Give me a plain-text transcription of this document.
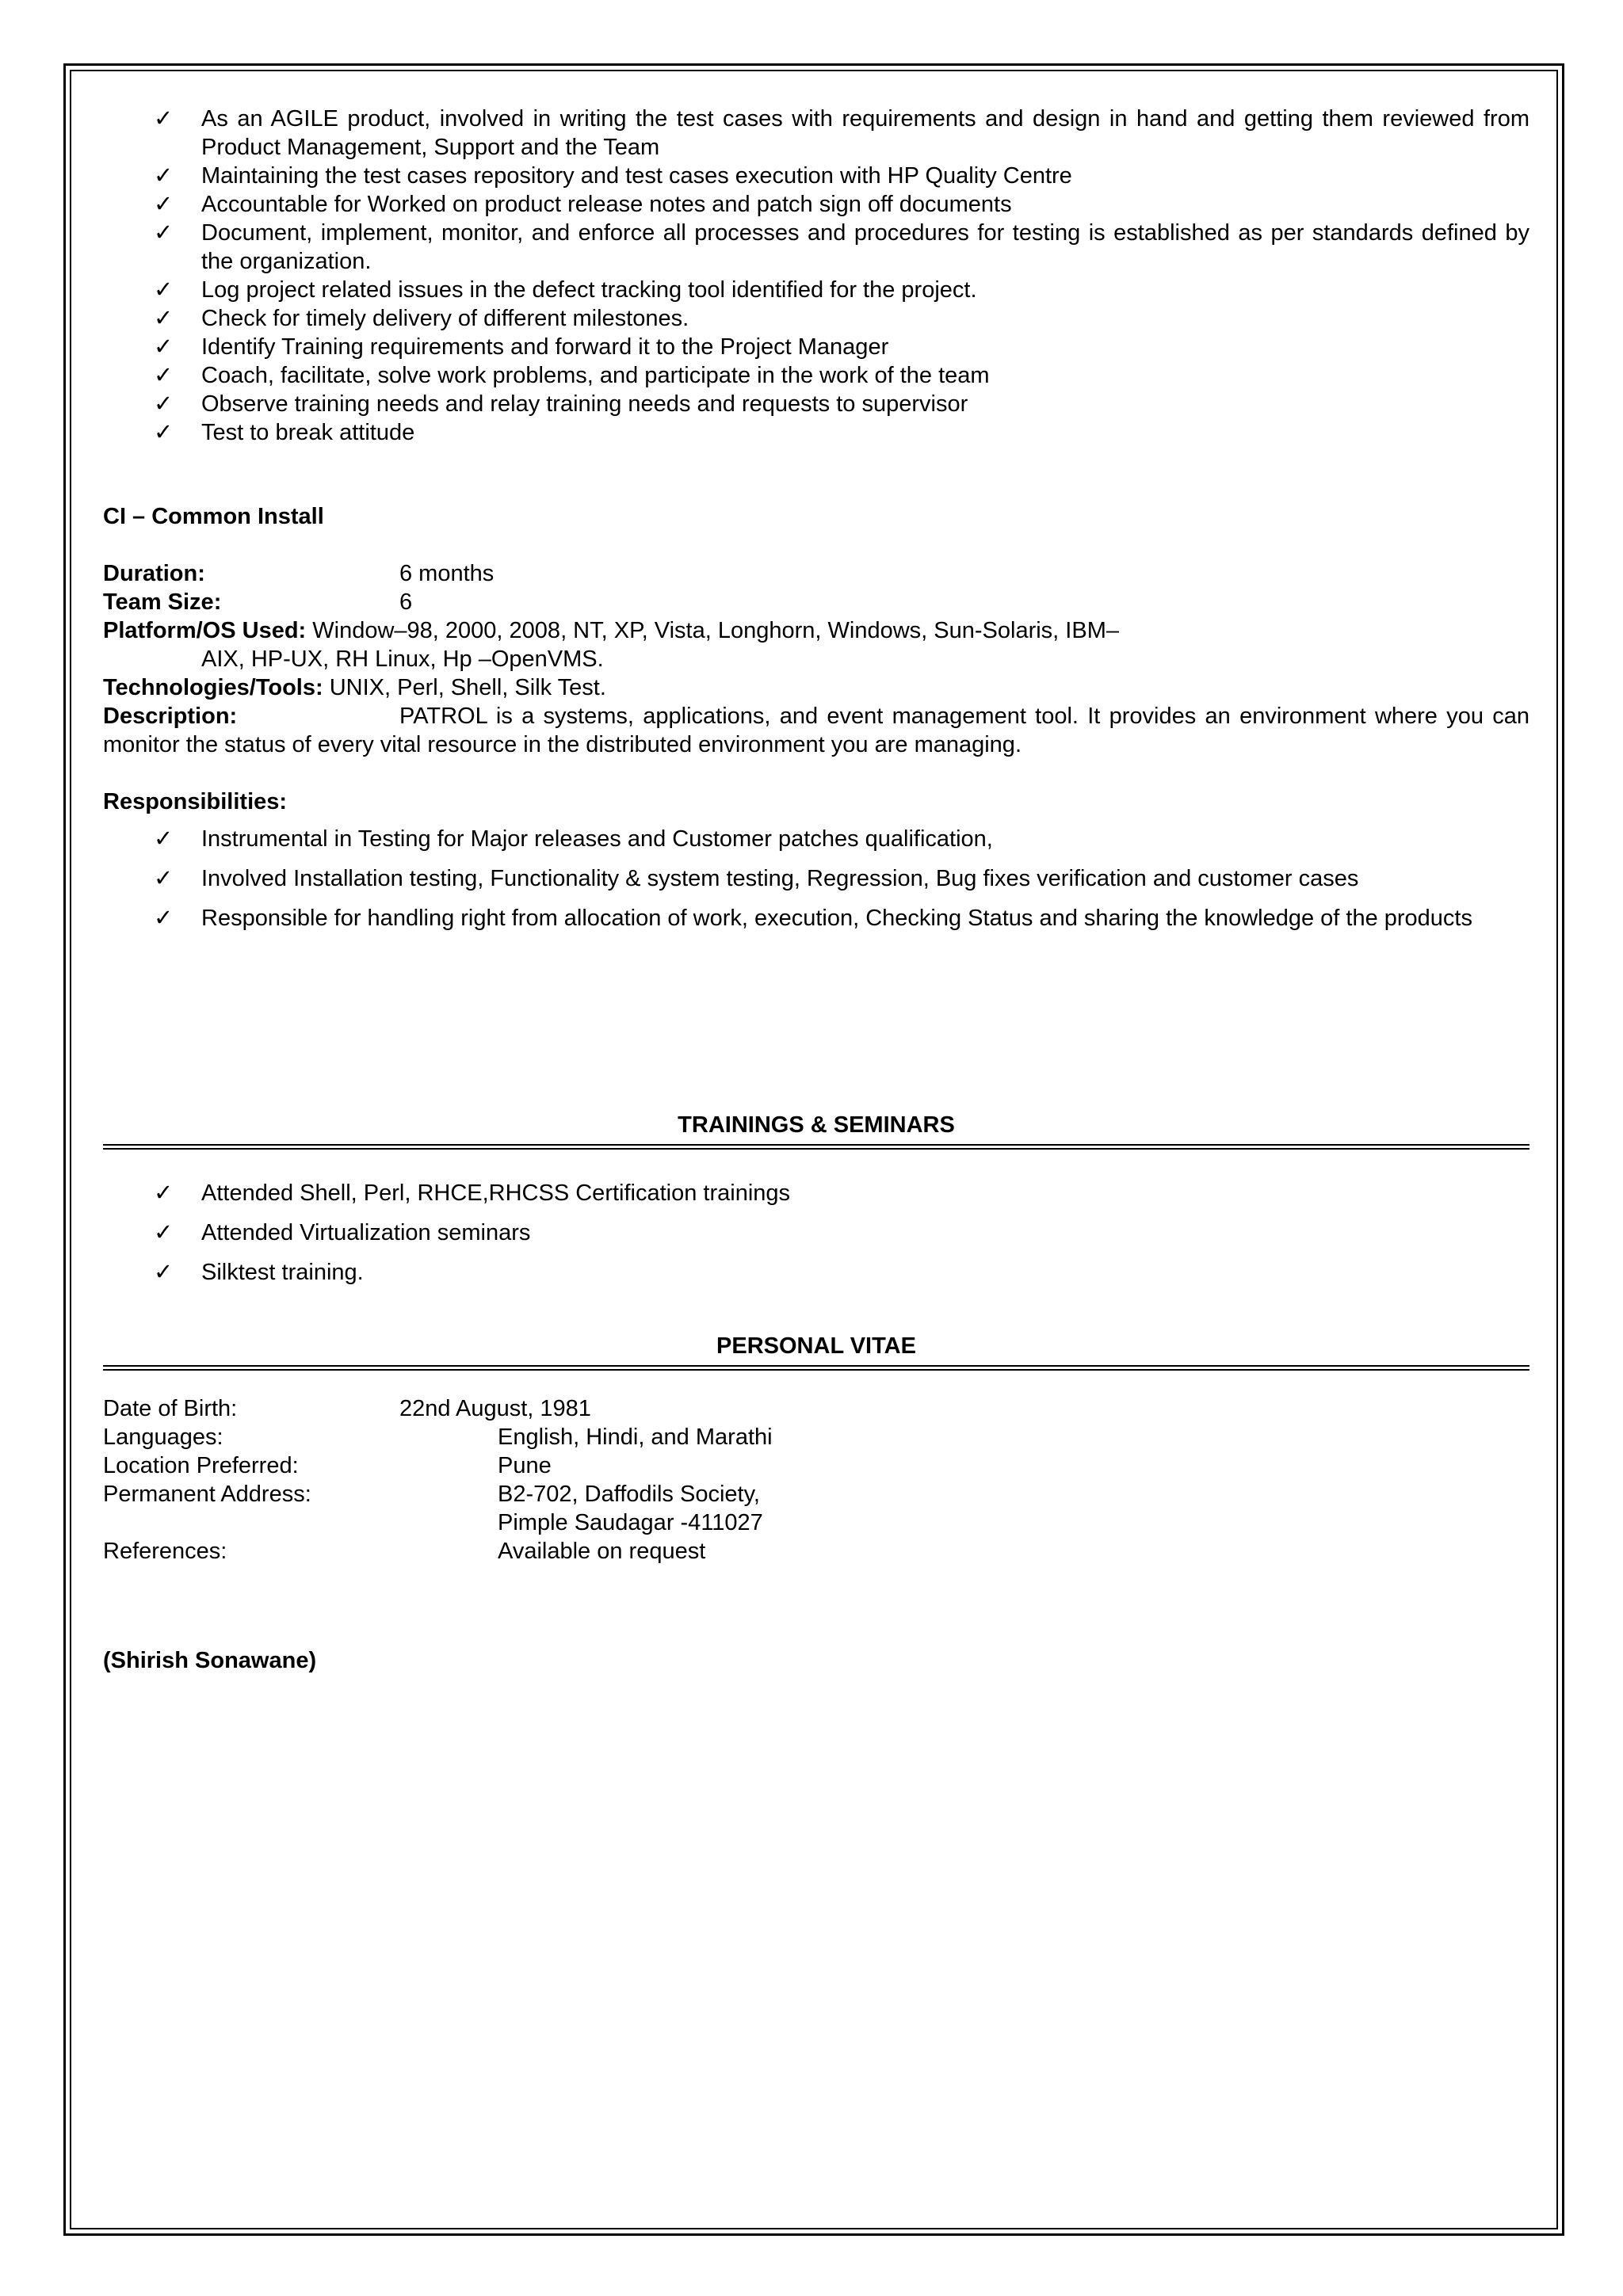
✓ As an AGILE product, involved in writing the test cases with requirements and design in hand and getting them reviewed from Product Management, Support and the Team
✓ Maintaining the test cases repository and test cases execution with HP Quality Centre
✓ Accountable for Worked on product release notes and patch sign off documents
✓ Document, implement, monitor, and enforce all processes and procedures for testing is established as per standards defined by the organization.
✓ Log project related issues in the defect tracking tool identified for the project.
✓ Check for timely delivery of different milestones.
✓ Identify Training requirements and forward it to the Project Manager
✓ Coach, facilitate, solve work problems, and participate in the work of the team
✓ Observe training needs and relay training needs and requests to supervisor
✓ Test to break attitude
CI – Common Install
Duration:	6 months
Team Size:	6
Platform/OS Used: Window–98, 2000, 2008, NT, XP, Vista, Longhorn, Windows, Sun-Solaris, IBM–
AIX, HP-UX, RH Linux, Hp –OpenVMS.
Technologies/Tools: UNIX, Perl, Shell, Silk Test.
Description:	PATROL is a systems, applications, and event management tool. It provides an environment where you can monitor the status of every vital resource in the distributed environment you are managing.
Responsibilities:
✓ Instrumental in Testing for Major releases and Customer patches qualification,
✓ Involved Installation testing, Functionality & system testing, Regression, Bug fixes verification and customer cases
✓ Responsible for handling right from allocation of work, execution, Checking Status and sharing the knowledge of the products
TRAININGS & SEMINARS
✓ Attended Shell, Perl, RHCE,RHCSS Certification trainings
✓ Attended Virtualization seminars
✓ Silktest training.
PERSONAL VITAE
Date of Birth:	22nd August, 1981
Languages:	English, Hindi, and Marathi
Location Preferred:	Pune
Permanent Address:	B2-702, Daffodils Society,
Pimple Saudagar -411027
References:	Available on request
(Shirish Sonawane)
